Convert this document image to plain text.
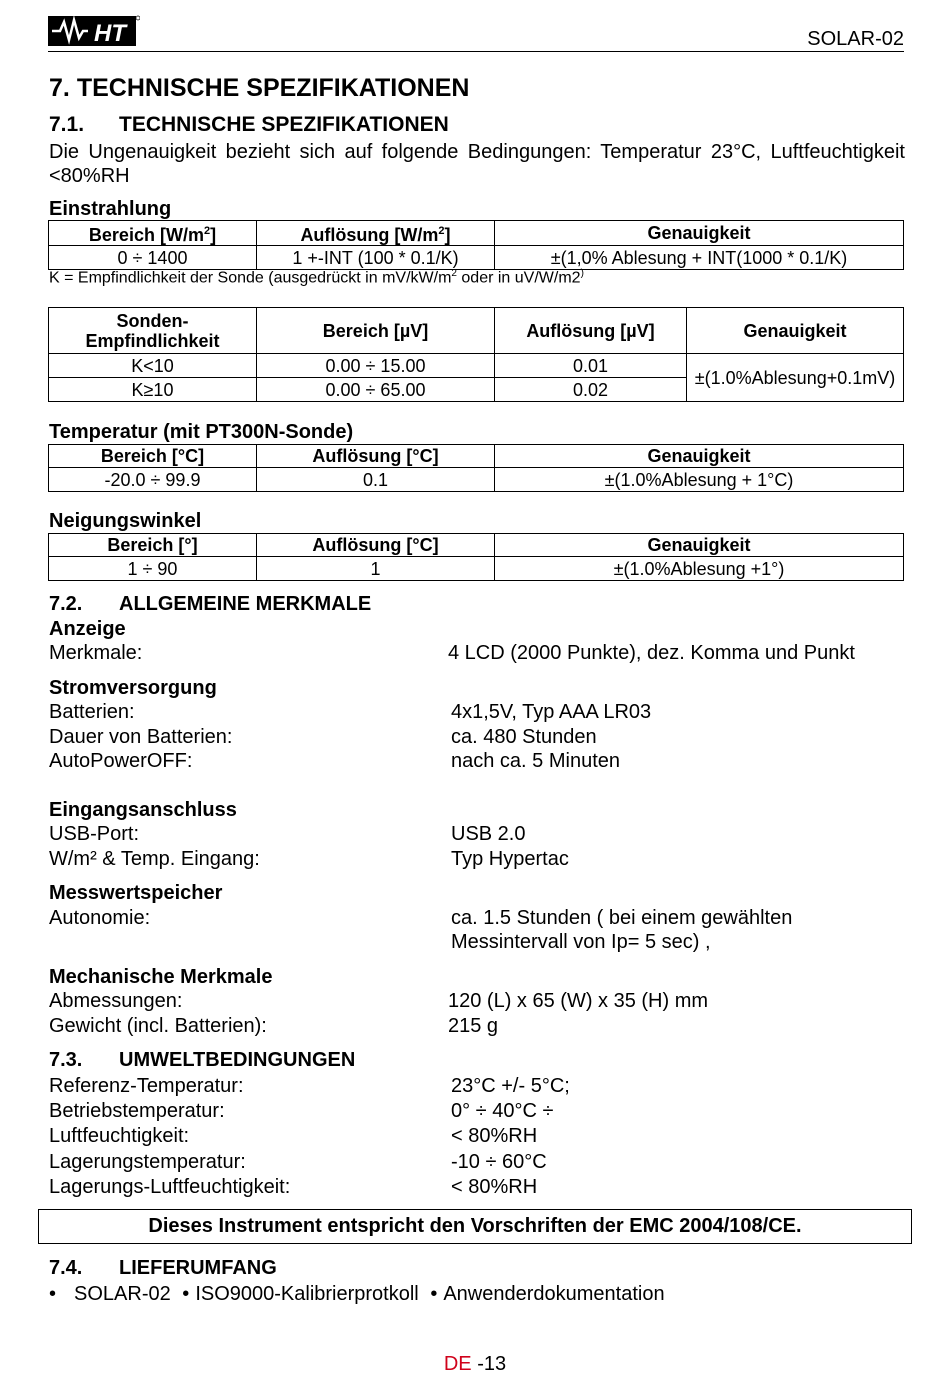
HT	SOLAR-02
7. TECHNISCHE SPEZIFIKATIONEN
7.1. TECHNISCHE SPEZIFIKATIONEN
Die Ungenauigkeit bezieht sich auf folgende Bedingungen: Temperatur 23°C, Luftfeuchtigkeit <80%RH
Einstrahlung
Bereich $[W/m^2]$	Auflösung $[W/m^2]$	Genauigkeit
0 ÷ 1400	1 +-INT (100 * 0.1/K)	±(1,0% Ablesung + INT(1000 * 0.1/K)
K = Empfindlichkeit der Sonde (ausgedrückt in $mV/kW/m^2$ oder in uV/W/m2)
Sonden-Empfindlichkeit	Bereich [µV]	Auflösung [µV]	Genauigkeit
K<10	0.00 ÷ 15.00	0.01	±(1.0%Ablesung+0.1mV)
K≥10	0.00 ÷ 65.00	0.02	
Temperatur (mit PT300N-Sonde)
Bereich [°C]	Auflösung [°C]	Genauigkeit
-20.0 ÷ 99.9	0.1	±(1.0%Ablesung + 1°C)
Neigungswinkel
Bereich [°]	Auflösung [°C]	Genauigkeit
1 ÷ 90	1	±(1.0%Ablesung +1°)
7.2. ALLGEMEINE MERKMALE
Anzeige
Merkmale:	4 LCD (2000 Punkte), dez. Komma und Punkt
Stromversorgung
Batterien:	4x1,5V, Typ AAA LR03
Dauer von Batterien:	ca. 480 Stunden
AutoPowerOFF:	nach ca. 5 Minuten
Eingangsanschluss
USB-Port:	USB 2.0
W/m² & Temp. Eingang:	Typ Hypertac
Messwertspeicher
Autonomie:	ca. 1.5 Stunden ( bei einem gewählten
Messintervall von Ip= 5 sec) ,
Mechanische Merkmale
Abmessungen:	120 (L) x 65 (W) x 35 (H) mm
Gewicht (incl. Batterien):	215 g
7.3. UMWELTBEDINGUNGEN
Referenz-Temperatur:	23°C +/- 5°C;
Betriebstemperatur:	0° ÷ 40°C ÷
Luftfeuchtigkeit:	< 80%RH
Lagerungstemperatur:	-10 ÷ 60°C
Lagerungs-Luftfeuchtigkeit:	< 80%RH
Dieses Instrument entspricht den Vorschriften der EMC 2004/108/CE.
7.4. LIEFERUMFANG
• SOLAR-02 • ISO9000-Kalibrierprotkoll • Anwenderdokumentation
DE -13
